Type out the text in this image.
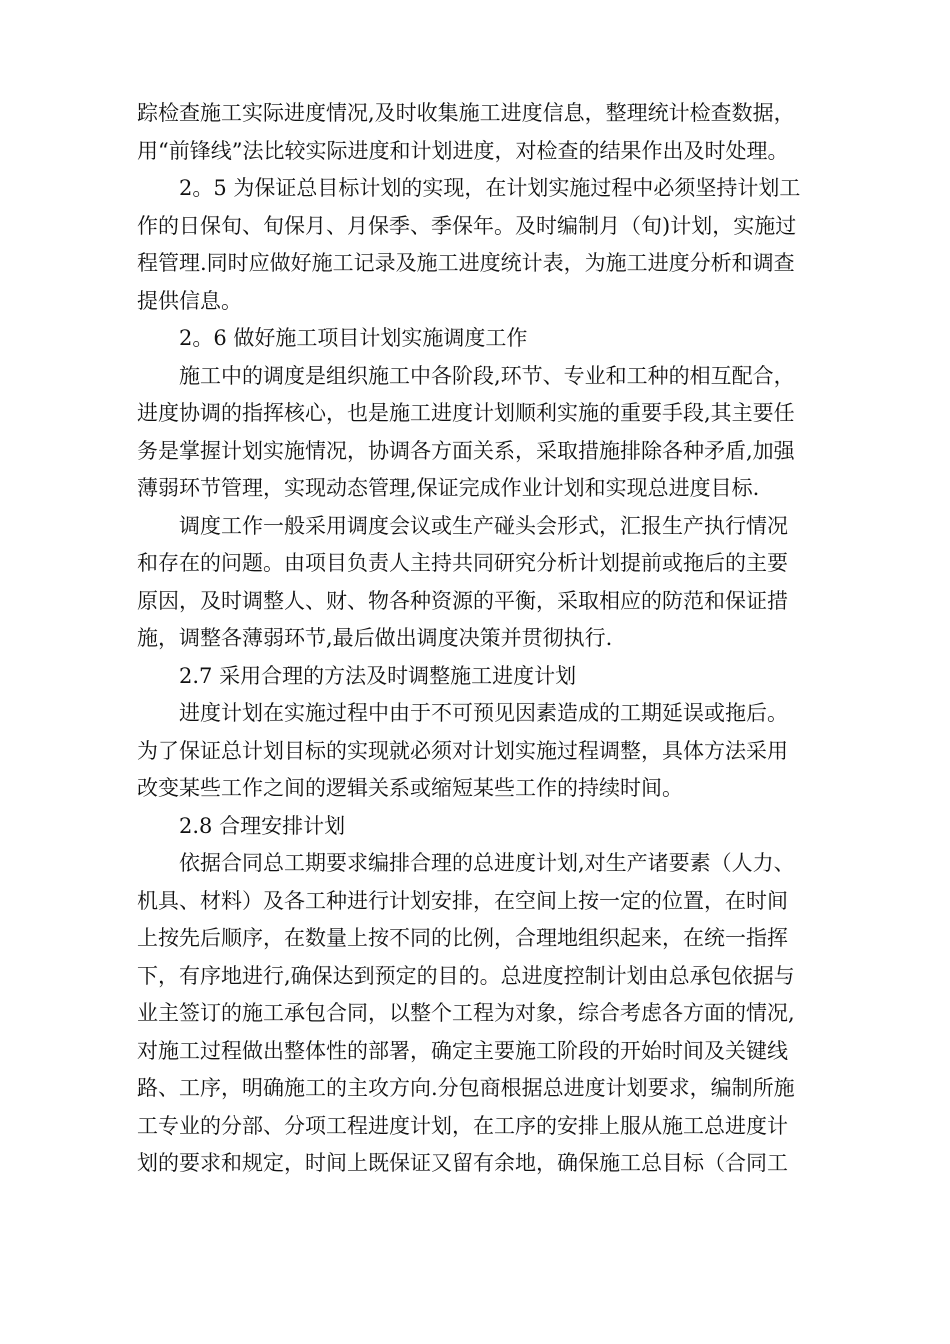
踪检查施工实际进度情况,及时收集施工进度信息，整理统计检查数据，
用“前锋线”法比较实际进度和计划进度，对检查的结果作出及时处理。
2。5 为保证总目标计划的实现，在计划实施过程中必须坚持计划工
作的日保旬、旬保月、月保季、季保年。及时编制月（旬)计划，实施过
程管理.同时应做好施工记录及施工进度统计表，为施工进度分析和调查
提供信息。
2。6 做好施工项目计划实施调度工作
施工中的调度是组织施工中各阶段,环节、专业和工种的相互配合，
进度协调的指挥核心，也是施工进度计划顺利实施的重要手段,其主要任
务是掌握计划实施情况，协调各方面关系，采取措施排除各种矛盾,加强
薄弱环节管理，实现动态管理,保证完成作业计划和实现总进度目标.
调度工作一般采用调度会议或生产碰头会形式，汇报生产执行情况
和存在的问题。由项目负责人主持共同研究分析计划提前或拖后的主要
原因，及时调整人、财、物各种资源的平衡，采取相应的防范和保证措
施，调整各薄弱环节,最后做出调度决策并贯彻执行.
2.7 采用合理的方法及时调整施工进度计划
进度计划在实施过程中由于不可预见因素造成的工期延误或拖后。
为了保证总计划目标的实现就必须对计划实施过程调整，具体方法采用
改变某些工作之间的逻辑关系或缩短某些工作的持续时间。
2.8 合理安排计划
依据合同总工期要求编排合理的总进度计划,对生产诸要素（人力、
机具、材料）及各工种进行计划安排，在空间上按一定的位置，在时间
上按先后顺序，在数量上按不同的比例，合理地组织起来，在统一指挥
下，有序地进行,确保达到预定的目的。总进度控制计划由总承包依据与
业主签订的施工承包合同，以整个工程为对象，综合考虑各方面的情况,
对施工过程做出整体性的部署，确定主要施工阶段的开始时间及关键线
路、工序，明确施工的主攻方向.分包商根据总进度计划要求，编制所施
工专业的分部、分项工程进度计划，在工序的安排上服从施工总进度计
划的要求和规定，时间上既保证又留有余地，确保施工总目标（合同工
